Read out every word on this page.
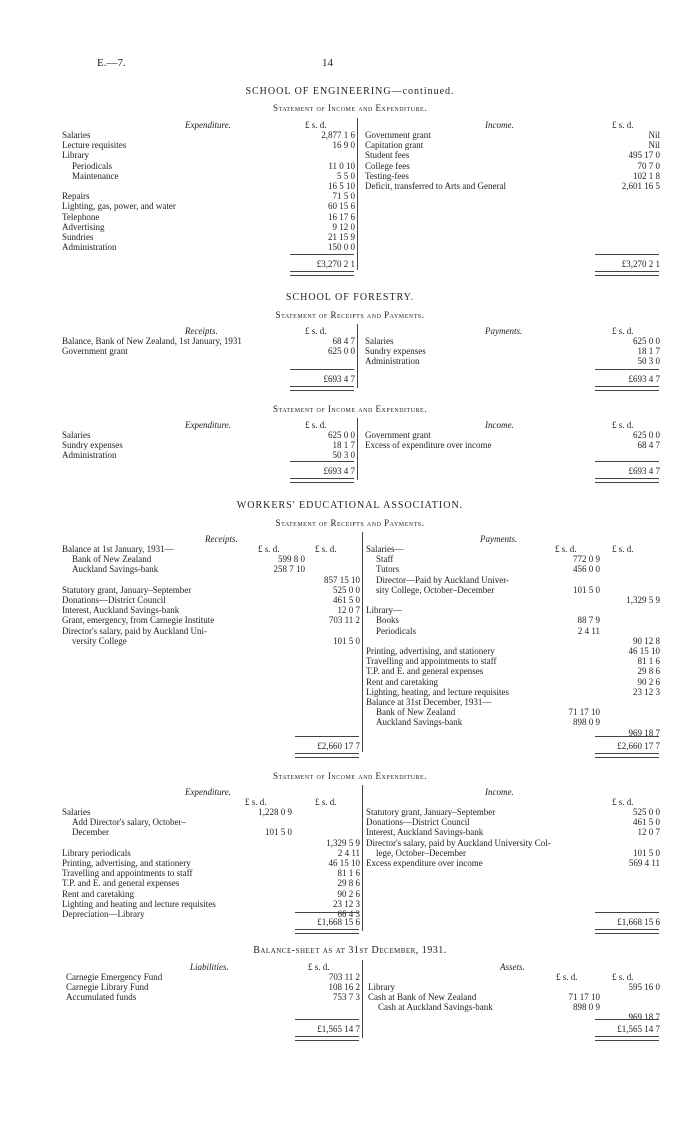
E.—7.	14
SCHOOL OF ENGINEERING—continued.
Statement of Income and Expenditure.
Expenditure.	Income.
£ s. d.	£ s. d.
Salaries	2,877 1 6
Lecture requisites	16 9 0
Library
Periodicals	11 0 10
Maintenance	5 5 0
16 5 10
Repairs	71 5 0
Lighting, gas, power, and water	60 15 6
Telephone	16 17 6
Advertising	9 12 0
Sundries	21 15 9
Administration	150 0 0
Government grant	Nil
Capitation grant	Nil
Student fees	495 17 0
College fees	70 7 0
Testing-fees	102 1 8
Deficit, transferred to Arts and General	2,601 16 5
£3,270 2 1	£3,270 2 1
SCHOOL OF FORESTRY.
Statement of Receipts and Payments.
Receipts.	Payments.
£ s. d.	£ s. d.
Balance, Bank of New Zealand, 1st January, 1931	68 4 7
Government grant	625 0 0
Salaries	625 0 0
Sundry expenses	18 1 7
Administration	50 3 0
£693 4 7	£693 4 7
Statement of Income and Expenditure.
Expenditure.	Income.
£ s. d.	£ s. d.
Salaries	625 0 0
Sundry expenses	18 1 7
Administration	50 3 0
Government grant	625 0 0
Excess of expenditure over income	68 4 7
£693 4 7	£693 4 7
WORKERS' EDUCATIONAL ASSOCIATION.
Statement of Receipts and Payments.
Receipts.	Payments.
£ s. d.	£ s. d.	£ s. d.	£ s. d.
Balance at 1st January, 1931—
Bank of New Zealand	599 8 0
Auckland Savings-bank	258 7 10
857 15 10
Statutory grant, January–September	525 0 0
Donations—District Council	461 5 0
Interest, Auckland Savings-bank	12 0 7
Grant, emergency, from Carnegie Institute	703 11 2
Director's salary, paid by Auckland Uni-
versity College	101 5 0
Salaries—
Staff	772 0 9
Tutors	456 0 0
Director—Paid by Auckland Univer-
sity College, October–December	101 5 0
1,329 5 9
Library—
Books	88 7 9
Periodicals	2 4 11
90 12 8
Printing, advertising, and stationery	46 15 10
Travelling and appointments to staff	81 1 6
T.P. and E. and general expenses	29 8 6
Rent and caretaking	90 2 6
Lighting, heating, and lecture requisites	23 12 3
Balance at 31st December, 1931—
Bank of New Zealand	71 17 10
Auckland Savings-bank	898 0 9
969 18 7
£2,660 17 7	£2,660 17 7
Statement of Income and Expenditure.
Expenditure.	Income.
£ s. d.	£ s. d.	£ s. d.
Salaries	1,228 0 9
Add Director's salary, October–
December	101 5 0
1,329 5 9
Library periodicals	2 4 11
Printing, advertising, and stationery	46 15 10
Travelling and appointments to staff	81 1 6
T.P. and E. and general expenses	29 8 6
Rent and caretaking	90 2 6
Lighting and heating and lecture requisites	23 12 3
Depreciation—Library	66 4 3
Statutory grant, January–September	525 0 0
Donations—District Council	461 5 0
Interest, Auckland Savings-bank	12 0 7
Director's salary, paid by Auckland University Col-
lege, October–December	101 5 0
Excess expenditure over income	569 4 11
£1,668 15 6	£1,668 15 6
Balance-sheet as at 31st December, 1931.
Liabilities.	Assets.
£ s. d.
£ s. d.	£ s. d.
Carnegie Emergency Fund	703 11 2
Carnegie Library Fund	108 16 2
Accumulated funds	753 7 3
Library	595 16 0
Cash at Bank of New Zealand	71 17 10
Cash at Auckland Savings-bank	898 0 9
969 18 7
£1,565 14 7	£1,565 14 7
